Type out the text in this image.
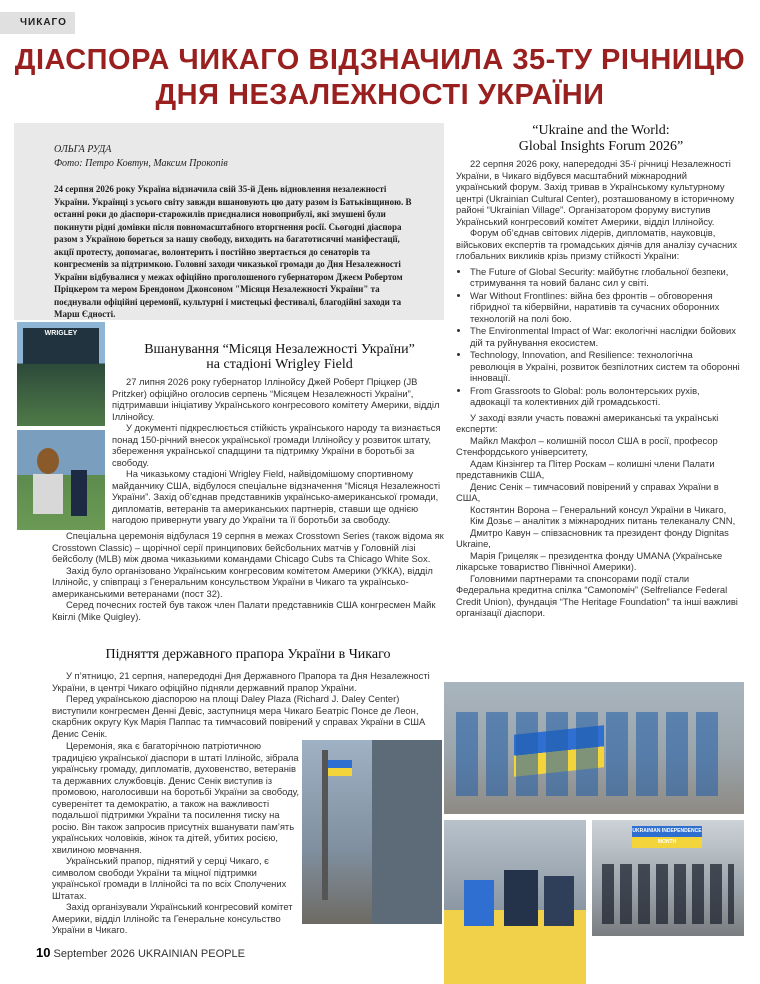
ЧИКАГО
ДІАСПОРА ЧИКАГО ВІДЗНАЧИЛА 35-ТУ РІЧНИЦЮ
ДНЯ НЕЗАЛЕЖНОСТІ УКРАЇНИ
ОЛЬГА РУДА
Фото: Петро Ковтун, Максим Прокопів
24 серпня 2026 року Україна відзначила свій 35-й День відновлення незалежності України. Українці з усього світу завжди вшановують цю дату разом із Батьківщиною. В останні роки до діаспори-старожилів приєдналися новоприбулі, які змушені були покинути рідні домівки після повномасштабного вторгнення росії. Сьогодні діаспора разом з Україною бореться за нашу свободу, виходить на багатотисячні маніфестації, акції протесту, допомагає, волонтерить і постійно звертається до сенаторів та конгресменів за підтримкою. Головні заходи чиказької громади до Дня Незалежності України відбувалися у межах офіційно проголошеного губернатором Джеєм Робертом Пріцкером та мером Брендоном Джонсоном "Місяця Незалежності України" та поєднували офіційні церемонії, культурні і мистецькі фестивалі, благодійні заходи та Марш Єдності.
“Ukraine and the World:
Global Insights Forum 2026”

22 серпня 2026 року, напередодні 35-ї річниці Незалежності України, в Чикаго відбувся масштабний міжнародний український форум. Захід тривав в Українському культурному центрі (Ukrainian Cultural Center), розташованому в історичному районі “Ukrainian Village”. Організатором форуму виступив Український конгресовий комітет Америки, відділ Іллінойсу.

Форум об’єднав світових лідерів, дипломатів, науковців, військових експертів та громадських діячів для аналізу сучасних глобальних викликів крізь призму стійкості України:

• The Future of Global Security: майбутнє глобальної безпеки, стримування та новий баланс сил у світі.
• War Without Frontlines: війна без фронтів – обговорення гібридної та кібервійни, наративів та сучасних оборонних технологій на полі бою.
• The Environmental Impact of War: екологічні наслідки бойових дій та руйнування екосистем.
• Technology, Innovation, and Resilience: технологічна революція в Україні, розвиток безпілотних систем та оборонні інновації.
• From Grassroots to Global: роль волонтерських рухів, адвокації та колективних дій громадськості.

У заході взяли участь поважні американські та українські експерти:

Майкл Макфол – колишній посол США в росії, професор Стенфордського університету,

Адам Кінзінгер та Пітер Роскам – колишні члени Палати представників США,

Денис Сенік – тимчасовий повірений у справах України в США,

Костянтин Ворона – Генеральний консул України в Чикаго,

Кім Дозьє – аналітик з міжнародних питань телеканалу CNN,

Дмитро Кавун – співзасновник та президент фонду Dignitas Ukraine,

Марія Грицеляк – президентка фонду UMANA (Українське лікарське товариство Північної Америки).

Головними партнерами та спонсорами події стали Федеральна кредитна спілка “Самопоміч” (Selfreliance Federal Credit Union), фундація “The Heritage Foundation” та інші важливі організації діаспори.

WRIGLEY
Вшанування “Місяця Незалежності України”
на стадіоні Wrigley Field

27 липня 2026 року губернатор Іллінойсу Джей Роберт Пріцкер (JB Pritzker) офіційно оголосив серпень “Місяцем Незалежності України”, підтримавши ініціативу Українського конгресового комітету Америки, відділ Іллінойсу.

У документі підкреслюється стійкість українського народу та визнається понад 150-річний внесок української громади Іллінойсу у розвиток штату, збереження української спадщини та підтримку України в боротьбі за свободу.

На чиказькому стадіоні Wrigley Field, найвідомішому спортивному майданчику США, відбулося спеціальне відзначення “Місяця Незалежності України”. Захід об’єднав представників українсько-американської громади, дипломатів, ветеранів та американських партнерів, ставши ще однією нагодою привернути увагу до України та її боротьби за свободу.

Спеціальна церемонія відбулася 19 серпня в межах Crosstown Series (також відома як Crosstown Classic) – щорічної серії принципових бейсбольних матчів у Головній лізі бейсболу (MLB) між двома чиказькими командами Chicago Cubs та Chicago White Sox.

Захід було організовано Українським конгресовим комітетом Америки (УККА), відділ Іллінойс, у співпраці з Генеральним консульством України в Чикаго та українсько-американськими ветеранами (пост 32).

Серед почесних гостей був також член Палати представників США конгресмен Майк Квіглі (Mike Quigley).

Підняття державного прапора України в Чикаго

У п’ятницю, 21 серпня, напередодні Дня Державного Прапора та Дня Незалежності України, в центрі Чикаго офіційно підняли державний прапор України.

Перед українською діаспорою на площі Daley Plaza (Richard J. Daley Center) виступили конгресмен Денні Девіс, заступниця мера Чикаго Беатріс Понсе де Леон, скарбник округу Кук Марія Паппас та тимчасовий повірений у справах України в США Денис Сенік.

Церемонія, яка є багаторічною патріотичною традицією української діаспори в штаті Іллінойс, зібрала українську громаду, дипломатів, духовенство, ветеранів та державних службовців. Денис Сенік виступив із промовою, наголосивши на боротьбі України за свободу, суверенітет та демократію, а також на важливості подальшої підтримки України та посилення тиску на росію. Він також запросив присутніх вшанувати пам’ять українських чоловіків, жінок та дітей, убитих росією, хвилиною мовчання.

Український прапор, піднятий у серці Чикаго, є символом свободи України та міцної підтримки української громади в Іллінойсі та по всіх Сполучених Штатах.

Захід організували Український конгресовий комітет Америки, відділ Іллінойс та Генеральне консульство України в Чикаго.

UKRAINIAN INDEPENDENCE MONTH
10 September 2026 UKRAINIAN PEOPLE
